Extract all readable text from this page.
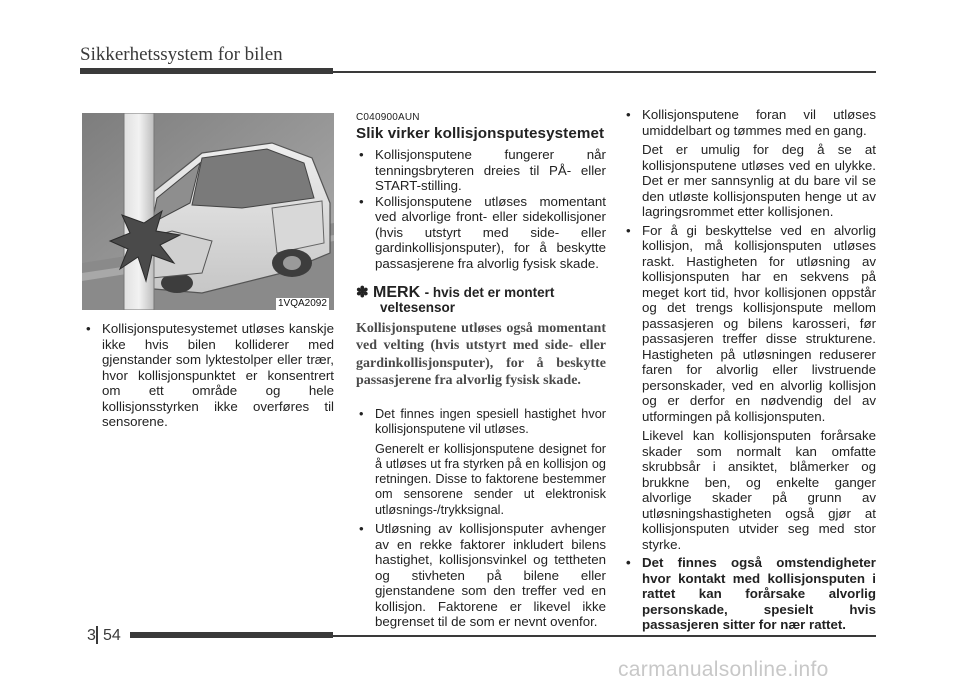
Sikkerhetssystem for bilen
1VQA2092

• Kollisjonsputesystemet utløses kanskje ikke hvis bilen kolliderer med gjenstander som lyktestolper eller trær, hvor kollisjonspunktet er konsentrert om ett område og hele kollisjonsstyrken ikke overføres til sensorene.

C040900AUN
Slik virker kollisjonsputesystemet

• Kollisjonsputene fungerer når tenningsbryteren dreies til PÅ- eller START-stilling.

• Kollisjonsputene utløses momentant ved alvorlige front- eller sidekollisjoner (hvis utstyrt med side- eller gardinkollisjonsputer), for å beskytte passasjerene fra alvorlig fysisk skade.

✽ MERK - hvis det er montert
veltesensor
Kollisjonsputene utløses også momentant ved velting (hvis utstyrt med side- eller gardinkollisjonsputer), for å beskytte passasjerene fra alvorlig fysisk skade.

• Det finnes ingen spesiell hastighet hvor kollisjonsputene vil utløses.

Generelt er kollisjonsputene designet for å utløses ut fra styrken på en kollisjon og retningen. Disse to faktorene bestemmer om sensorene sender ut elektronisk utløsnings-/trykksignal.

• Utløsning av kollisjonsputer avhenger av en rekke faktorer inkludert bilens hastighet, kollisjonsvinkel og tettheten og stivheten på bilene eller gjenstandene som den treffer ved en kollisjon. Faktorene er likevel ikke begrenset til de som er nevnt ovenfor.

• Kollisjonsputene foran vil utløses umiddelbart og tømmes med en gang.

Det er umulig for deg å se at kollisjonsputene utløses ved en ulykke. Det er mer sannsynlig at du bare vil se den utløste kollisjonsputen henge ut av lagringsrommet etter kollisjonen.

• For å gi beskyttelse ved en alvorlig kollisjon, må kollisjonsputen utløses raskt. Hastigheten for utløsning av kollisjonsputen har en sekvens på meget kort tid, hvor kollisjonen oppstår og det trengs kollisjonspute mellom passasjeren og bilens karosseri, før passasjeren treffer disse strukturene. Hastigheten på utløsningen reduserer faren for alvorlig eller livstruende personskader, ved en alvorlig kollisjon og er derfor en nødvendig del av utformingen på kollisjonsputen.

Likevel kan kollisjonsputen forårsake skader som normalt kan omfatte skrubbsår i ansiktet, blåmerker og brukkne ben, og enkelte ganger alvorlige skader på grunn av utløsningshastigheten også gjør at kollisjonsputen utvider seg med stor styrke.

• Det finnes også omstendigheter hvor kontakt med kollisjonsputen i rattet kan forårsake alvorlig personskade, spesielt hvis passasjeren sitter for nær rattet.

3 54
carmanualsonline.info
